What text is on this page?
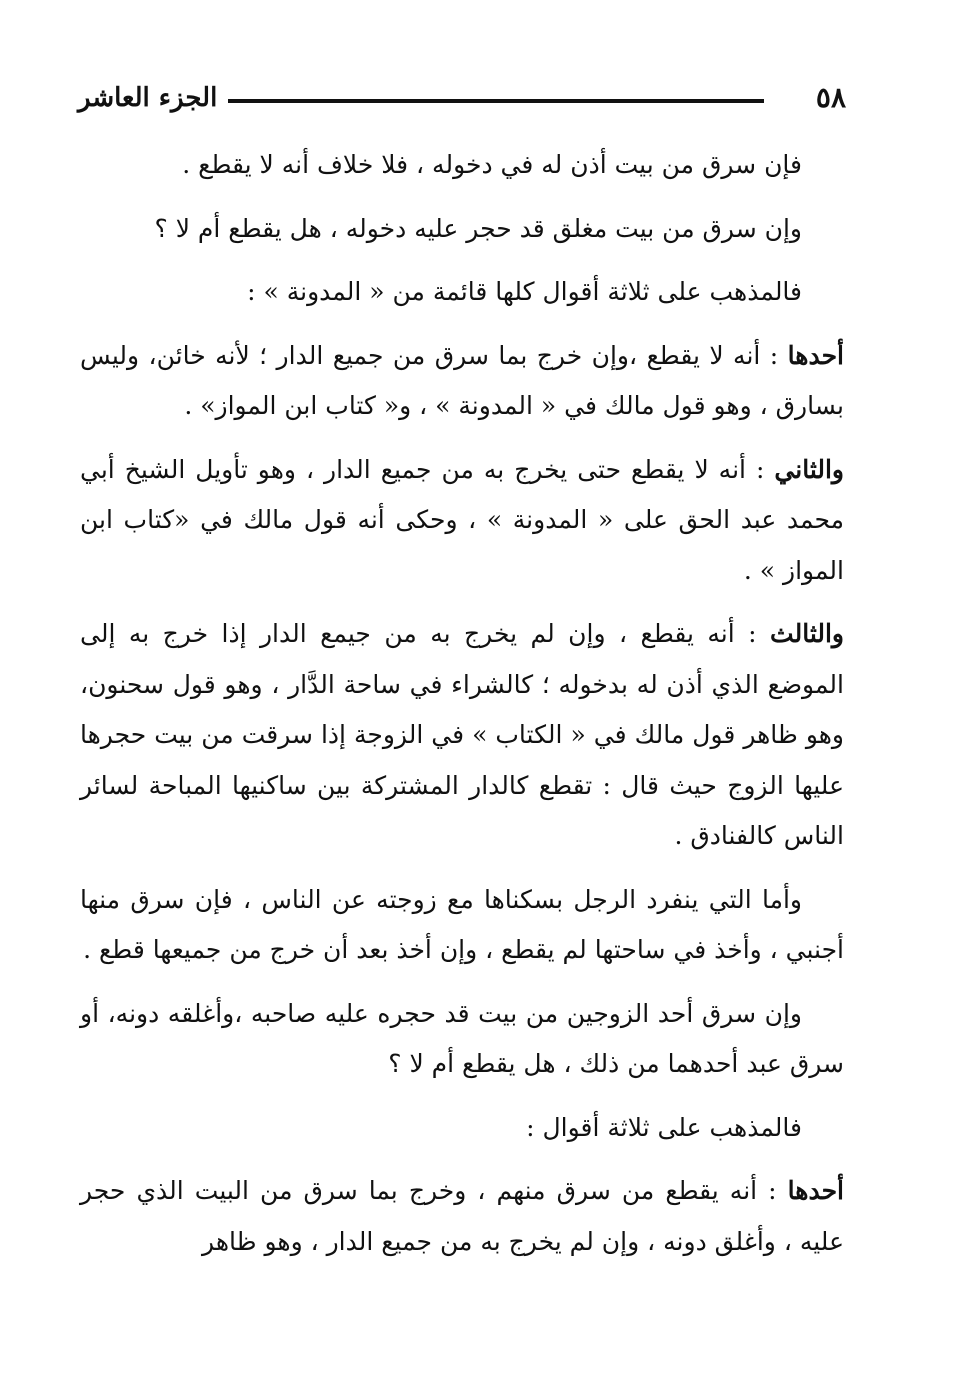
٥٨
الجزء العاشر

فإن سرق من بيت أذن له في دخوله ، فلا خلاف أنه لا يقطع .

وإن سرق من بيت مغلق قد حجر عليه دخوله ، هل يقطع أم لا ؟

فالمذهب على ثلاثة أقوال كلها قائمة من « المدونة » :

أحدها : أنه لا يقطع ،وإن خرج بما سرق من جميع الدار ؛ لأنه خائن، وليس بسارق ، وهو قول مالك في « المدونة » ، و« كتاب ابن المواز» .

والثاني : أنه لا يقطع حتى يخرج به من جميع الدار ، وهو تأويل الشيخ أبي محمد عبد الحق على « المدونة » ، وحكى أنه قول مالك في «كتاب ابن المواز » .

والثالث : أنه يقطع ، وإن لم يخرج به من جيمع الدار إذا خرج به إلى الموضع الذي أذن له بدخوله ؛ كالشراء في ساحة الدَّار ، وهو قول سحنون، وهو ظاهر قول مالك في « الكتاب » في الزوجة إذا سرقت من بيت حجرها عليها الزوج حيث قال : تقطع كالدار المشتركة بين ساكنيها المباحة لسائر الناس كالفنادق .

وأما التي ينفرد الرجل بسكناها مع زوجته عن الناس ، فإن سرق منها أجنبي ، وأخذ في ساحتها لم يقطع ، وإن أخذ بعد أن خرج من جميعها قطع .

وإن سرق أحد الزوجين من بيت قد حجره عليه صاحبه ،وأغلقه دونه، أو سرق عبد أحدهما من ذلك ، هل يقطع أم لا ؟

فالمذهب على ثلاثة أقوال :

أحدها : أنه يقطع من سرق منهم ، وخرج بما سرق من البيت الذي حجر عليه ، وأغلق دونه ، وإن لم يخرج به من جميع الدار ، وهو ظاهر
